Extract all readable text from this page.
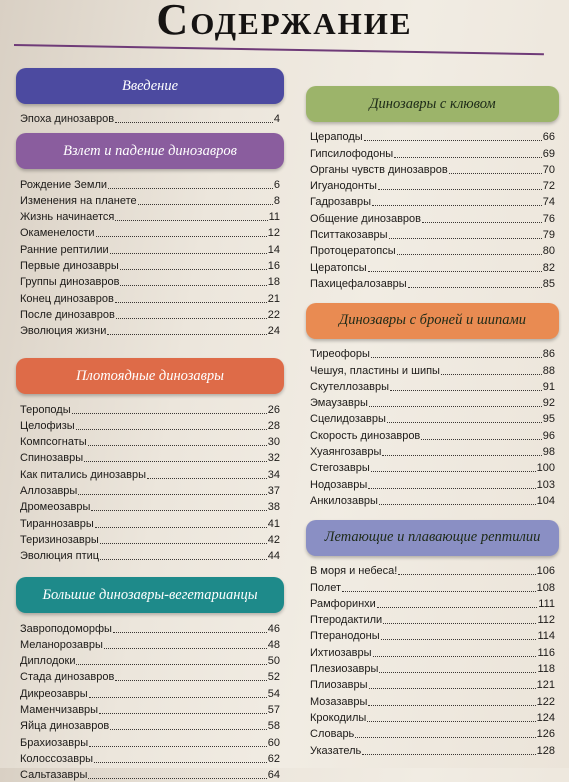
Содержание
Введение
Эпоха динозавров	4
Взлет и падение динозавров
Рождение Земли	6
Изменения на планете	8
Жизнь начинается	11
Окаменелости	12
Ранние рептилии	14
Первые динозавры	16
Группы динозавров	18
Конец динозавров	21
После динозавров	22
Эволюция жизни	24
Плотоядные динозавры
Тероподы	26
Целофизы	28
Компсогнаты	30
Спинозавры	32
Как питались динозавры	34
Аллозавры	37
Дромеозавры	38
Тираннозавры	41
Теризинозавры	42
Эволюция птиц	44
Большие динозавры-вегетарианцы
Завроподоморфы	46
Меланорозавры	48
Диплодоки	50
Стада динозавров	52
Дикреозавры	54
Маменчизавры	57
Яйца динозавров	58
Брахиозавры	60
Колоссозавры	62
Сальтазавры	64
Динозавры с клювом
Цераподы	66
Гипсилофодоны	69
Органы чувств динозавров	70
Игуанодонты	72
Гадрозавры	74
Общение динозавров	76
Пситтакозавры	79
Протоцератопсы	80
Цератопсы	82
Пахицефалозавры	85
Динозавры с броней и шипами
Тиреофоры	86
Чешуя, пластины и шипы	88
Скутеллозавры	91
Эмаузавры	92
Сцелидозавры	95
Скорость динозавров	96
Хуаянгозавры	98
Стегозавры	100
Нодозавры	103
Анкилозавры	104
Летающие и плавающие рептилии
В моря и небеса!	106
Полет	108
Рамфоринхи	111
Птеродактили	112
Птеранодоны	114
Ихтиозавры	116
Плезиозавры	118
Плиозавры	121
Мозазавры	122
Крокодилы	124
Словарь	126
Указатель	128
